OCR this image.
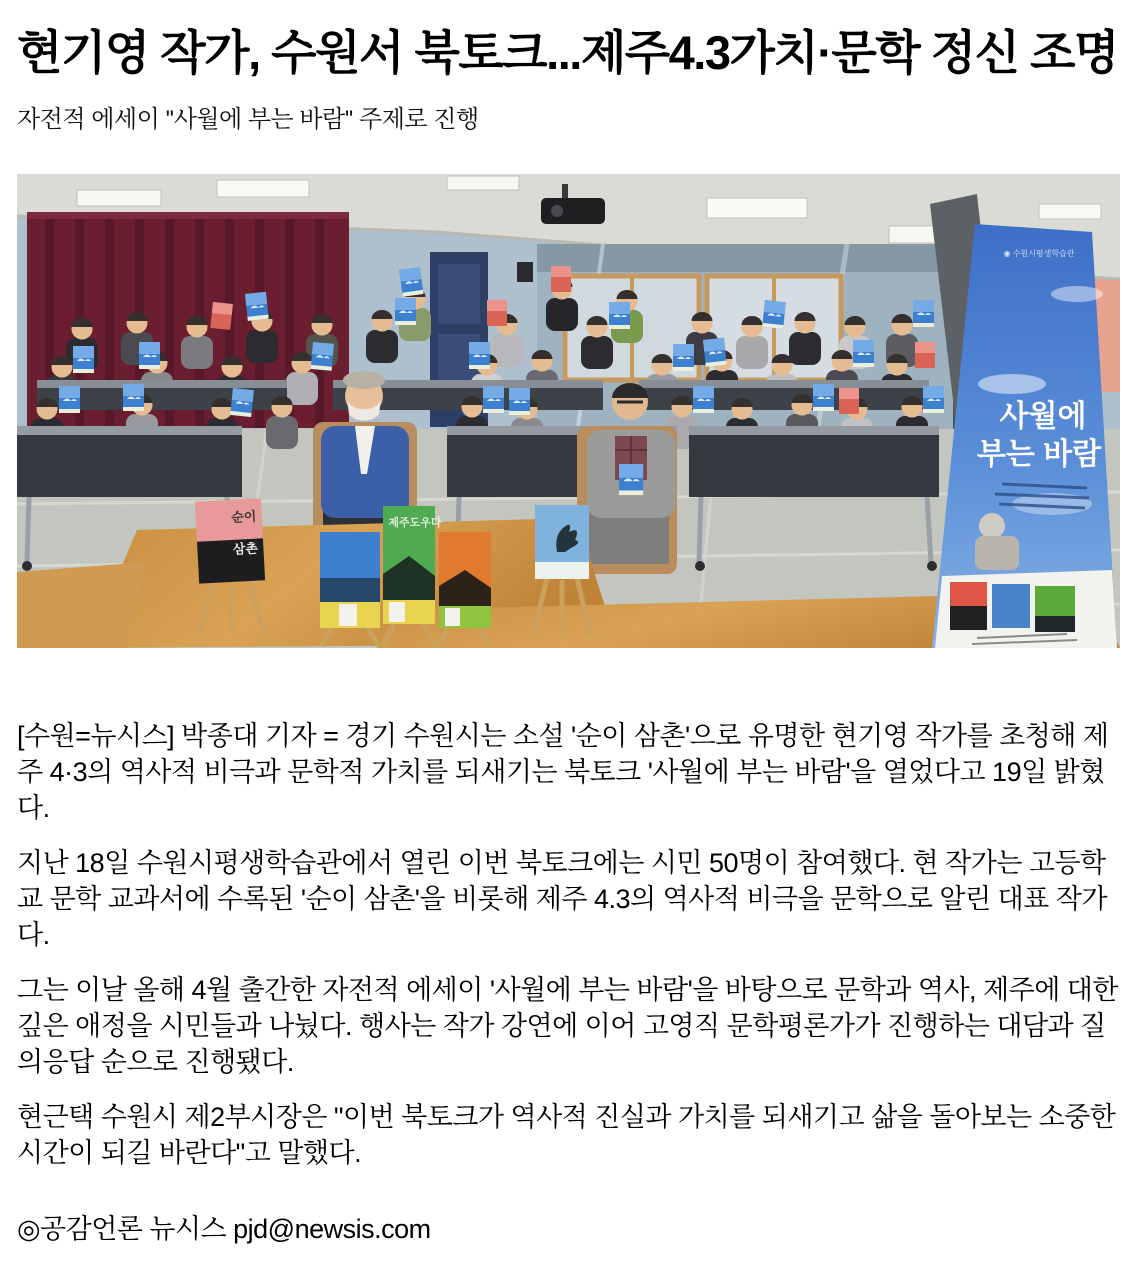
현기영 작가, 수원서 북토크...제주4.3가치·문학 정신 조명
자전적 에세이 ''사월에 부는 바람'' 주제로 진행
순이
삼촌
제주도우다
◉ 수원시평생학습관
사월에
부는 바람

[수원=뉴시스] 박종대 기자 = 경기 수원시는 소설 '순이 삼촌'으로 유명한 현기영 작가를 초청해 제주 4·3의 역사적 비극과 문학적 가치를 되새기는 북토크 '사월에 부는 바람'을 열었다고 19일 밝혔다.

지난 18일 수원시평생학습관에서 열린 이번 북토크에는 시민 50명이 참여했다. 현 작가는 고등학교 문학 교과서에 수록된 '순이 삼촌'을 비롯해 제주 4.3의 역사적 비극을 문학으로 알린 대표 작가다.

그는 이날 올해 4월 출간한 자전적 에세이 '사월에 부는 바람'을 바탕으로 문학과 역사, 제주에 대한 깊은 애정을 시민들과 나눴다. 행사는 작가 강연에 이어 고영직 문학평론가가 진행하는 대담과 질의응답 순으로 진행됐다.

현근택 수원시 제2부시장은 "이번 북토크가 역사적 진실과 가치를 되새기고 삶을 돌아보는 소중한 시간이 되길 바란다"고 말했다.

◎공감언론 뉴시스 pjd@newsis.com
